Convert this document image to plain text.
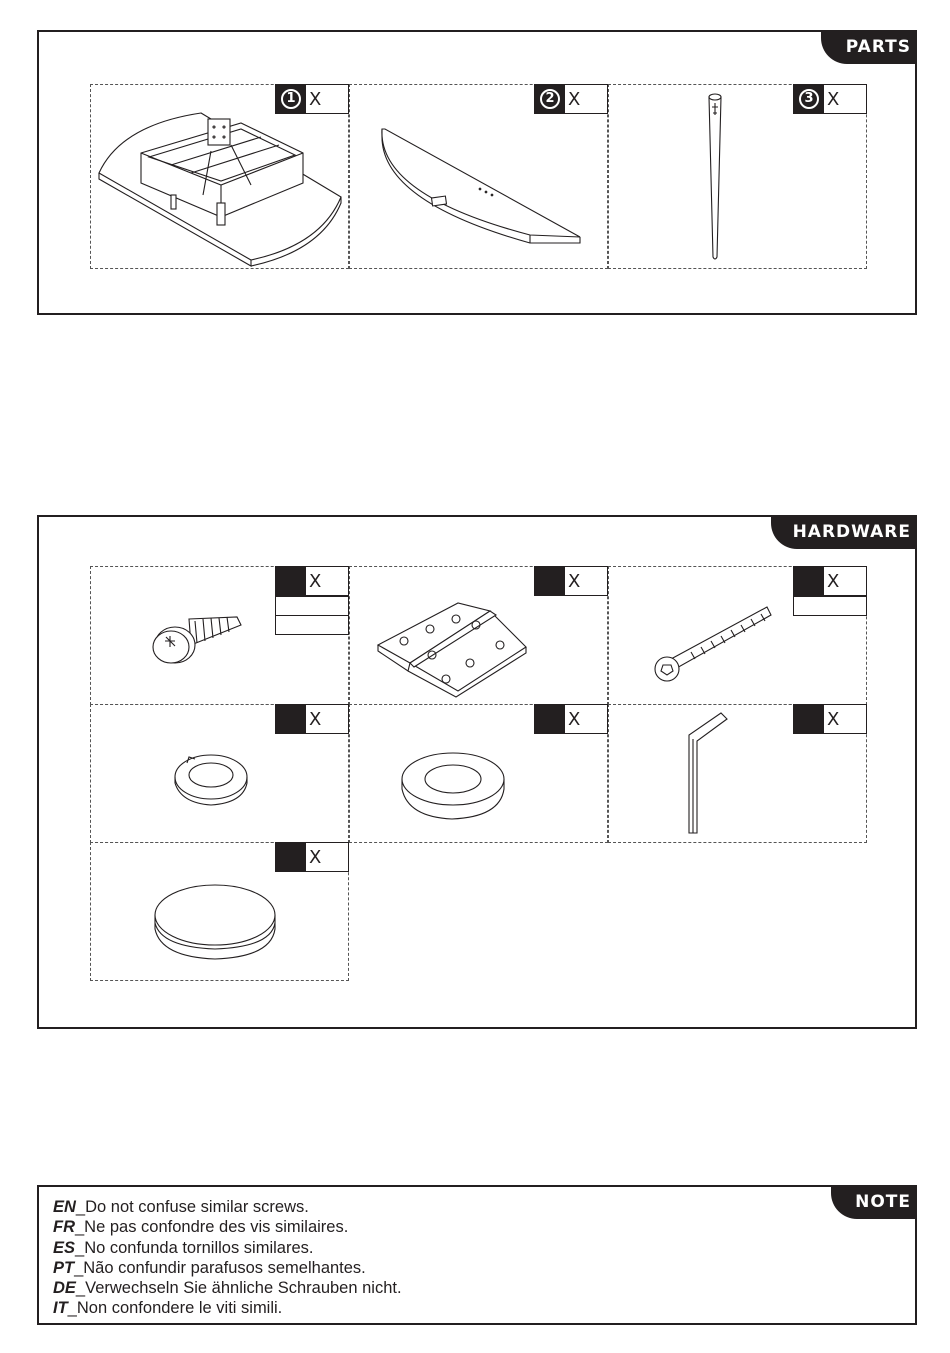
PARTS
1 X	2 X	3 X
HARDWARE
X	X	X
X	X	X
X
NOTE
EN_Do not confuse similar screws.
FR_Ne pas confondre des vis similaires.
ES_No confunda tornillos similares.
PT_Não confundir parafusos semelhantes.
DE_Verwechseln Sie ähnliche Schrauben nicht.
IT_Non confondere le viti simili.
